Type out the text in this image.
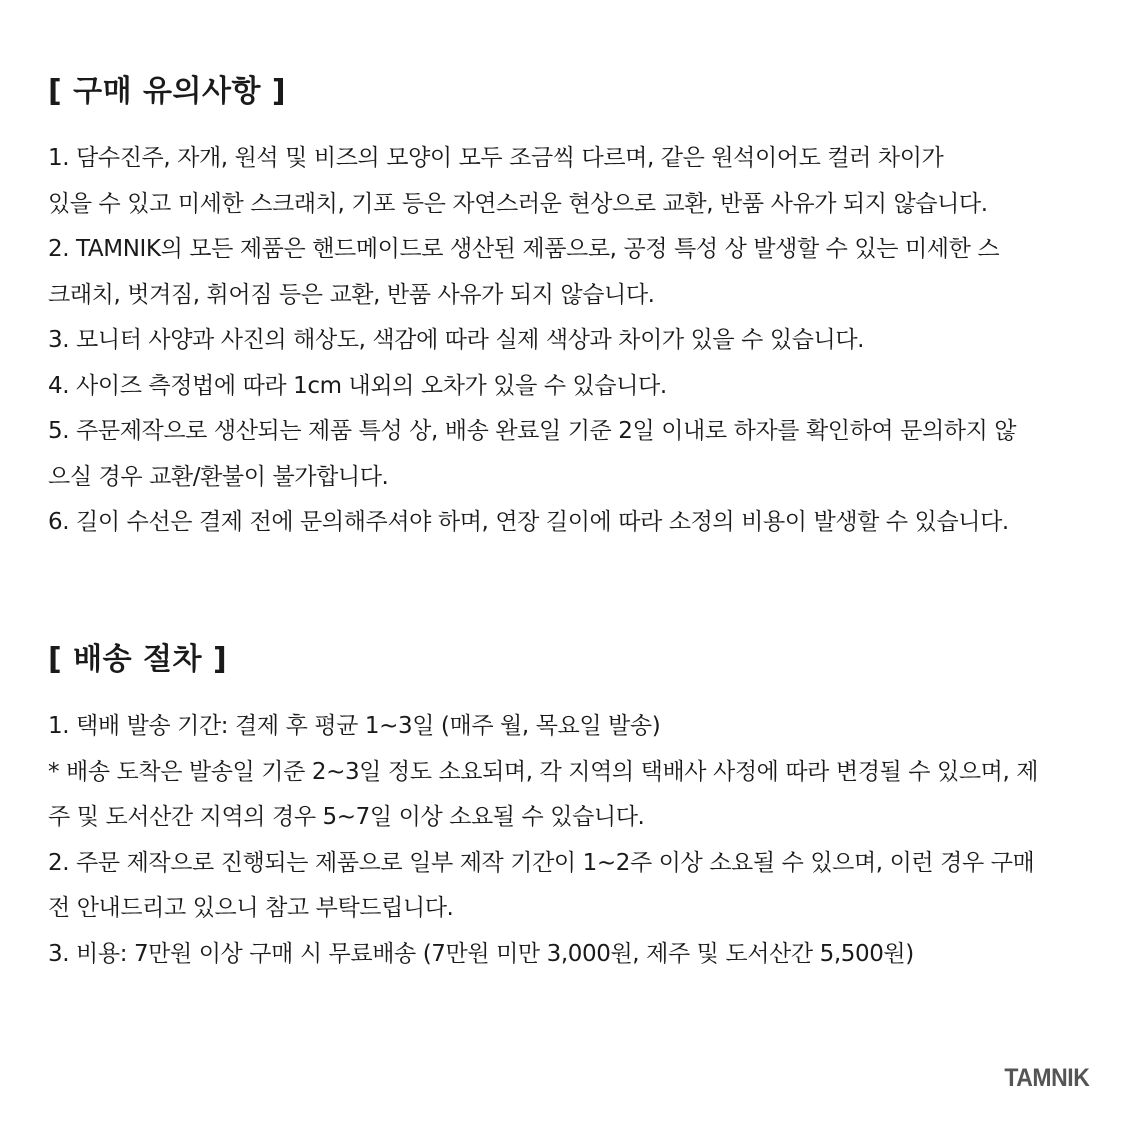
[ 구매 유의사항 ]
1. 담수진주, 자개, 원석 및 비즈의 모양이 모두 조금씩 다르며, 같은 원석이어도 컬러 차이가
있을 수 있고 미세한 스크래치, 기포 등은 자연스러운 현상으로 교환, 반품 사유가 되지 않습니다.
2. TAMNIK의 모든 제품은 핸드메이드로 생산된 제품으로, 공정 특성 상 발생할 수 있는 미세한 스
크래치, 벗겨짐, 휘어짐 등은 교환, 반품 사유가 되지 않습니다.
3. 모니터 사양과 사진의 해상도, 색감에 따라 실제 색상과 차이가 있을 수 있습니다.
4. 사이즈 측정법에 따라 1cm 내외의 오차가 있을 수 있습니다.
5. 주문제작으로 생산되는 제품 특성 상, 배송 완료일 기준 2일 이내로 하자를 확인하여 문의하지 않
으실 경우 교환/환불이 불가합니다.
6. 길이 수선은 결제 전에 문의해주셔야 하며, 연장 길이에 따라 소정의 비용이 발생할 수 있습니다.
[ 배송 절차 ]
1. 택배 발송 기간: 결제 후 평균 1~3일 (매주 월, 목요일 발송)
* 배송 도착은 발송일 기준 2~3일 정도 소요되며, 각 지역의 택배사 사정에 따라 변경될 수 있으며, 제
주 및 도서산간 지역의 경우 5~7일 이상 소요될 수 있습니다.
2. 주문 제작으로 진행되는 제품으로 일부 제작 기간이 1~2주 이상 소요될 수 있으며, 이런 경우 구매
전 안내드리고 있으니 참고 부탁드립니다.
3. 비용: 7만원 이상 구매 시 무료배송 (7만원 미만 3,000원, 제주 및 도서산간 5,500원)
TAMNIK
